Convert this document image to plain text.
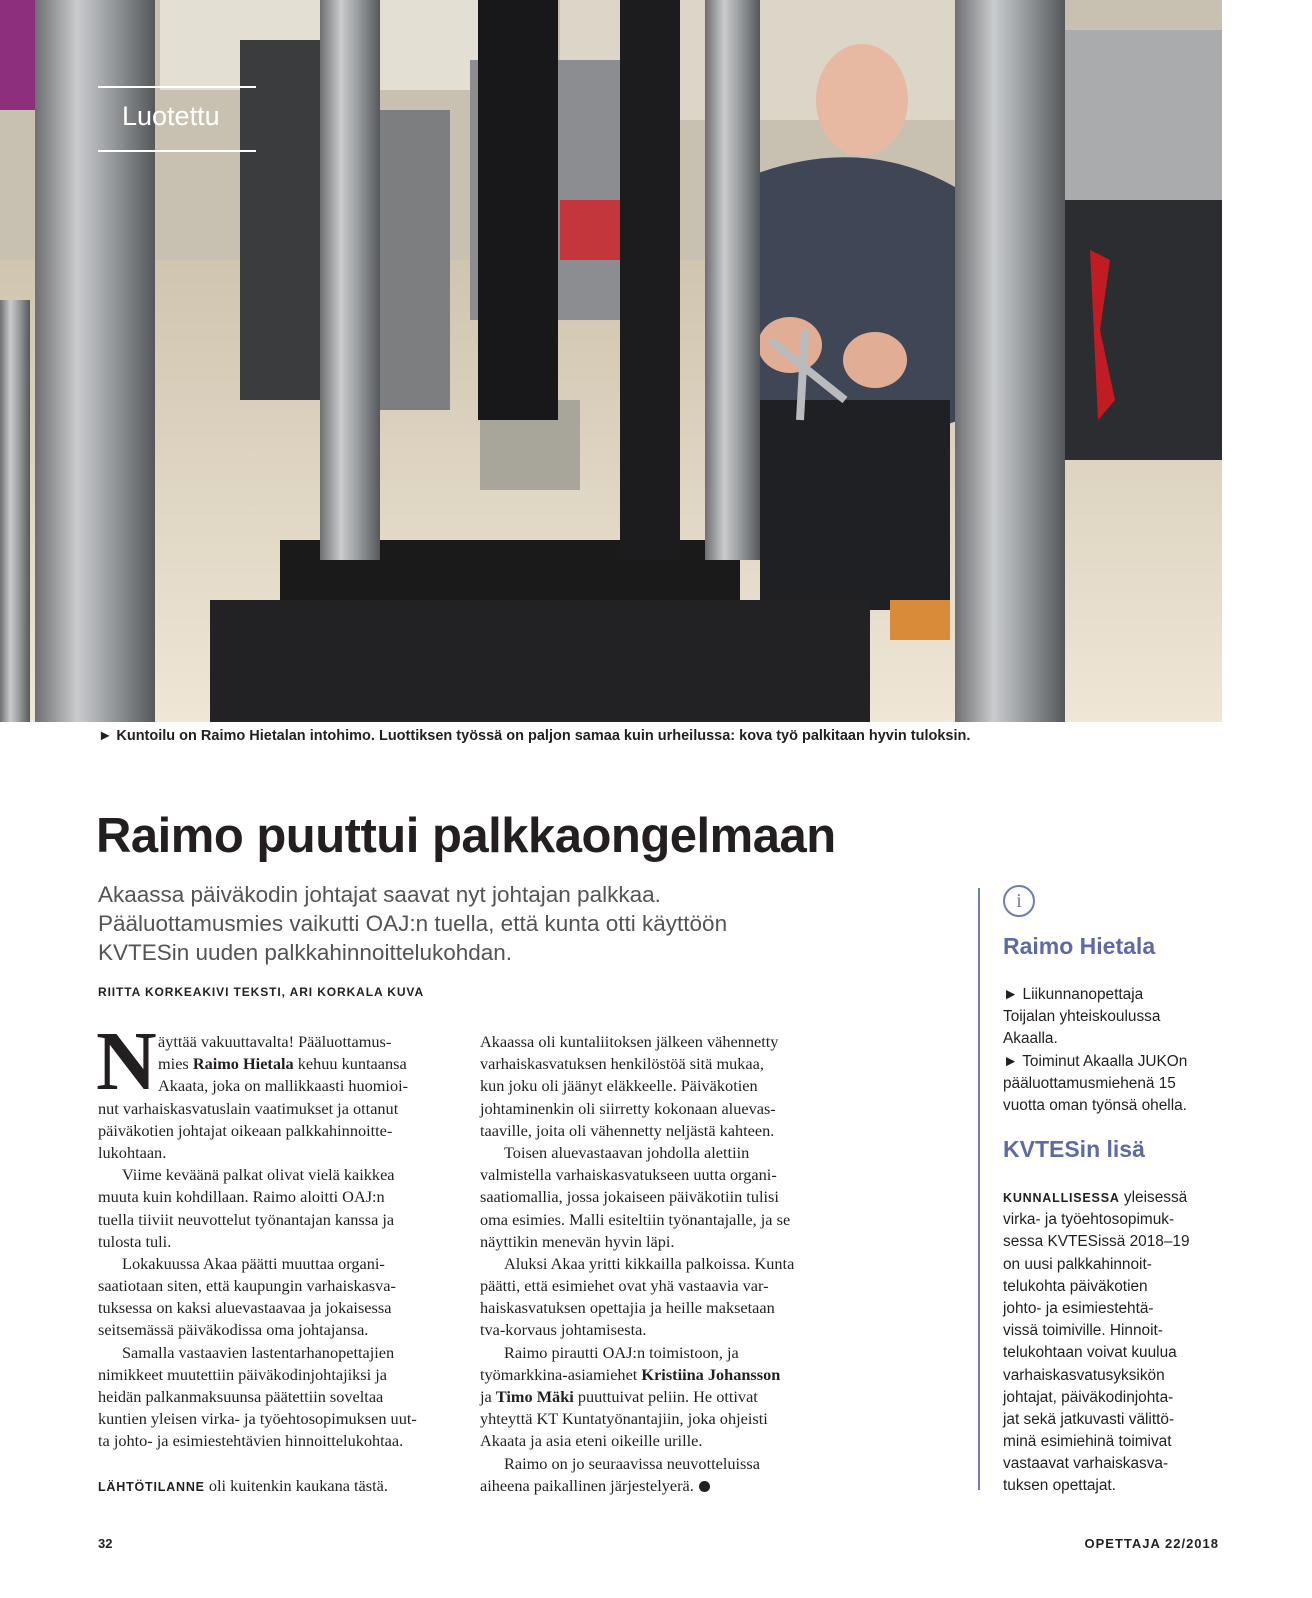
Luotettu
► Kuntoilu on Raimo Hietalan intohimo. Luottiksen työssä on paljon samaa kuin urheilussa: kova työ palkitaan hyvin tuloksin.
Raimo puuttui palkkaongelmaan

Akaassa päiväkodin johtajat saavat nyt johtajan palkkaa.

Pääluottamusmies vaikutti OAJ:n tuella, että kunta otti käyttöön

KVTESin uuden palkkahinnoittelukohdan.

RIITTA KORKEAKIVI TEKSTI, ARI KORKALA KUVA
N äyttää vakuuttavalta! Pääluottamus-
mies Raimo Hietala kehuu kuntaansa
Akaata, joka on mallikkaasti huomioi-
nut varhaiskasvatuslain vaatimukset ja ottanut
päiväkotien johtajat oikeaan palkkahinnoitte-
lukohtaan.
Viime keväänä palkat olivat vielä kaikkea
muuta kuin kohdillaan. Raimo aloitti OAJ:n
tuella tiiviit neuvottelut työnantajan kanssa ja
tulosta tuli.
Lokakuussa Akaa päätti muuttaa organi-
saatiotaan siten, että kaupungin varhaiskasva-
tuksessa on kaksi aluevastaavaa ja jokaisessa
seitsemässä päiväkodissa oma johtajansa.
Samalla vastaavien lastentarhanopettajien
nimikkeet muutettiin päiväkodinjohtajiksi ja
heidän palkanmaksuunsa päätettiin soveltaa
kuntien yleisen virka- ja työehtosopimuksen uut-
ta johto- ja esimiestehtävien hinnoittelukohtaa.
LÄHTÖTILANNE oli kuitenkin kaukana tästä.
Akaassa oli kuntaliitoksen jälkeen vähennetty
varhaiskasvatuksen henkilöstöä sitä mukaa,
kun joku oli jäänyt eläkkeelle. Päiväkotien
johtaminenkin oli siirretty kokonaan aluevas-
taaville, joita oli vähennetty neljästä kahteen.
Toisen aluevastaavan johdolla alettiin
valmistella varhaiskasvatukseen uutta organi-
saatiomallia, jossa jokaiseen päiväkotiin tulisi
oma esimies. Malli esiteltiin työnantajalle, ja se
näyttikin menevän hyvin läpi.
Aluksi Akaa yritti kikkailla palkoissa. Kunta
päätti, että esimiehet ovat yhä vastaavia var-
haiskasvatuksen opettajia ja heille maksetaan
tva-korvaus johtamisesta.
Raimo pirautti OAJ:n toimistoon, ja
työmarkkina-asiamiehet Kristiina Johansson
ja Timo Mäki puuttuivat peliin. He ottivat
yhteyttä KT Kuntatyönantajiin, joka ohjeisti
Akaata ja asia eteni oikeille urille.
Raimo on jo seuraavissa neuvotteluissa
aiheena paikallinen järjestelyerä.
i
Raimo Hietala
► Liikunnanopettaja
Toijalan yhteiskoulussa
Akaalla.
► Toiminut Akaalla JUKOn
pääluottamusmiehenä 15
vuotta oman työnsä ohella.
KVTESin lisä
KUNNALLISESSA yleisessä
virka- ja työehtosopimuk-
sessa KVTESissä 2018–19
on uusi palkkahinnoit-
telukohta päiväkotien
johto- ja esimiestehtä-
vissä toimiville. Hinnoit-
telukohtaan voivat kuulua
varhaiskasvatusyksikön
johtajat, päiväkodinjohta-
jat sekä jatkuvasti välittö-
minä esimiehinä toimivat
vastaavat varhaiskasva-
tuksen opettajat.
32	OPETTAJA 22/2018
